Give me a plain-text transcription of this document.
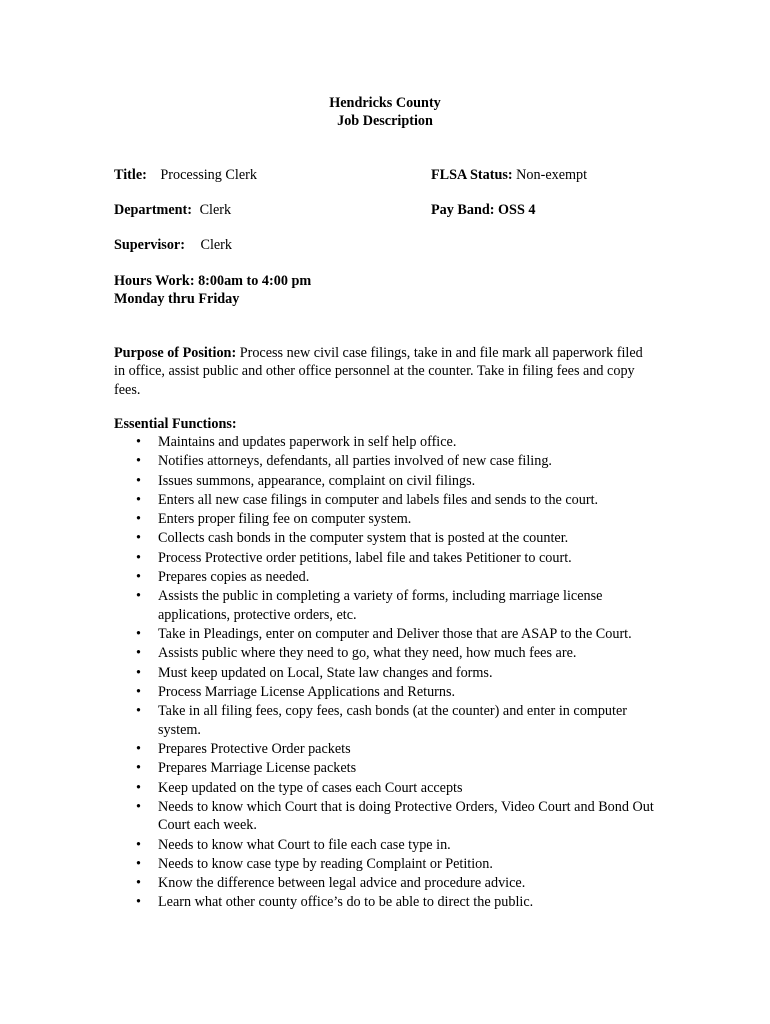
Hendricks County
Job Description
Title: Processing Clerk	FLSA Status: Non-exempt
Department: Clerk	Pay Band: OSS 4
Supervisor: Clerk
Hours Work: 8:00am to 4:00 pm
Monday thru Friday
Purpose of Position: Process new civil case filings, take in and file mark all paperwork filed in office, assist public and other office personnel at the counter. Take in filing fees and copy fees.
Essential Functions:
• Maintains and updates paperwork in self help office.
• Notifies attorneys, defendants, all parties involved of new case filing.
• Issues summons, appearance, complaint on civil filings.
• Enters all new case filings in computer and labels files and sends to the court.
• Enters proper filing fee on computer system.
• Collects cash bonds in the computer system that is posted at the counter.
• Process Protective order petitions, label file and takes Petitioner to court.
• Prepares copies as needed.
• Assists the public in completing a variety of forms, including marriage license applications, protective orders, etc.
• Take in Pleadings, enter on computer and Deliver those that are ASAP to the Court.
• Assists public where they need to go, what they need, how much fees are.
• Must keep updated on Local, State law changes and forms.
• Process Marriage License Applications and Returns.
• Take in all filing fees, copy fees, cash bonds (at the counter) and enter in computer system.
• Prepares Protective Order packets
• Prepares Marriage License packets
• Keep updated on the type of cases each Court accepts
• Needs to know which Court that is doing Protective Orders, Video Court and Bond Out Court each week.
• Needs to know what Court to file each case type in.
• Needs to know case type by reading Complaint or Petition.
• Know the difference between legal advice and procedure advice.
• Learn what other county office’s do to be able to direct the public.
